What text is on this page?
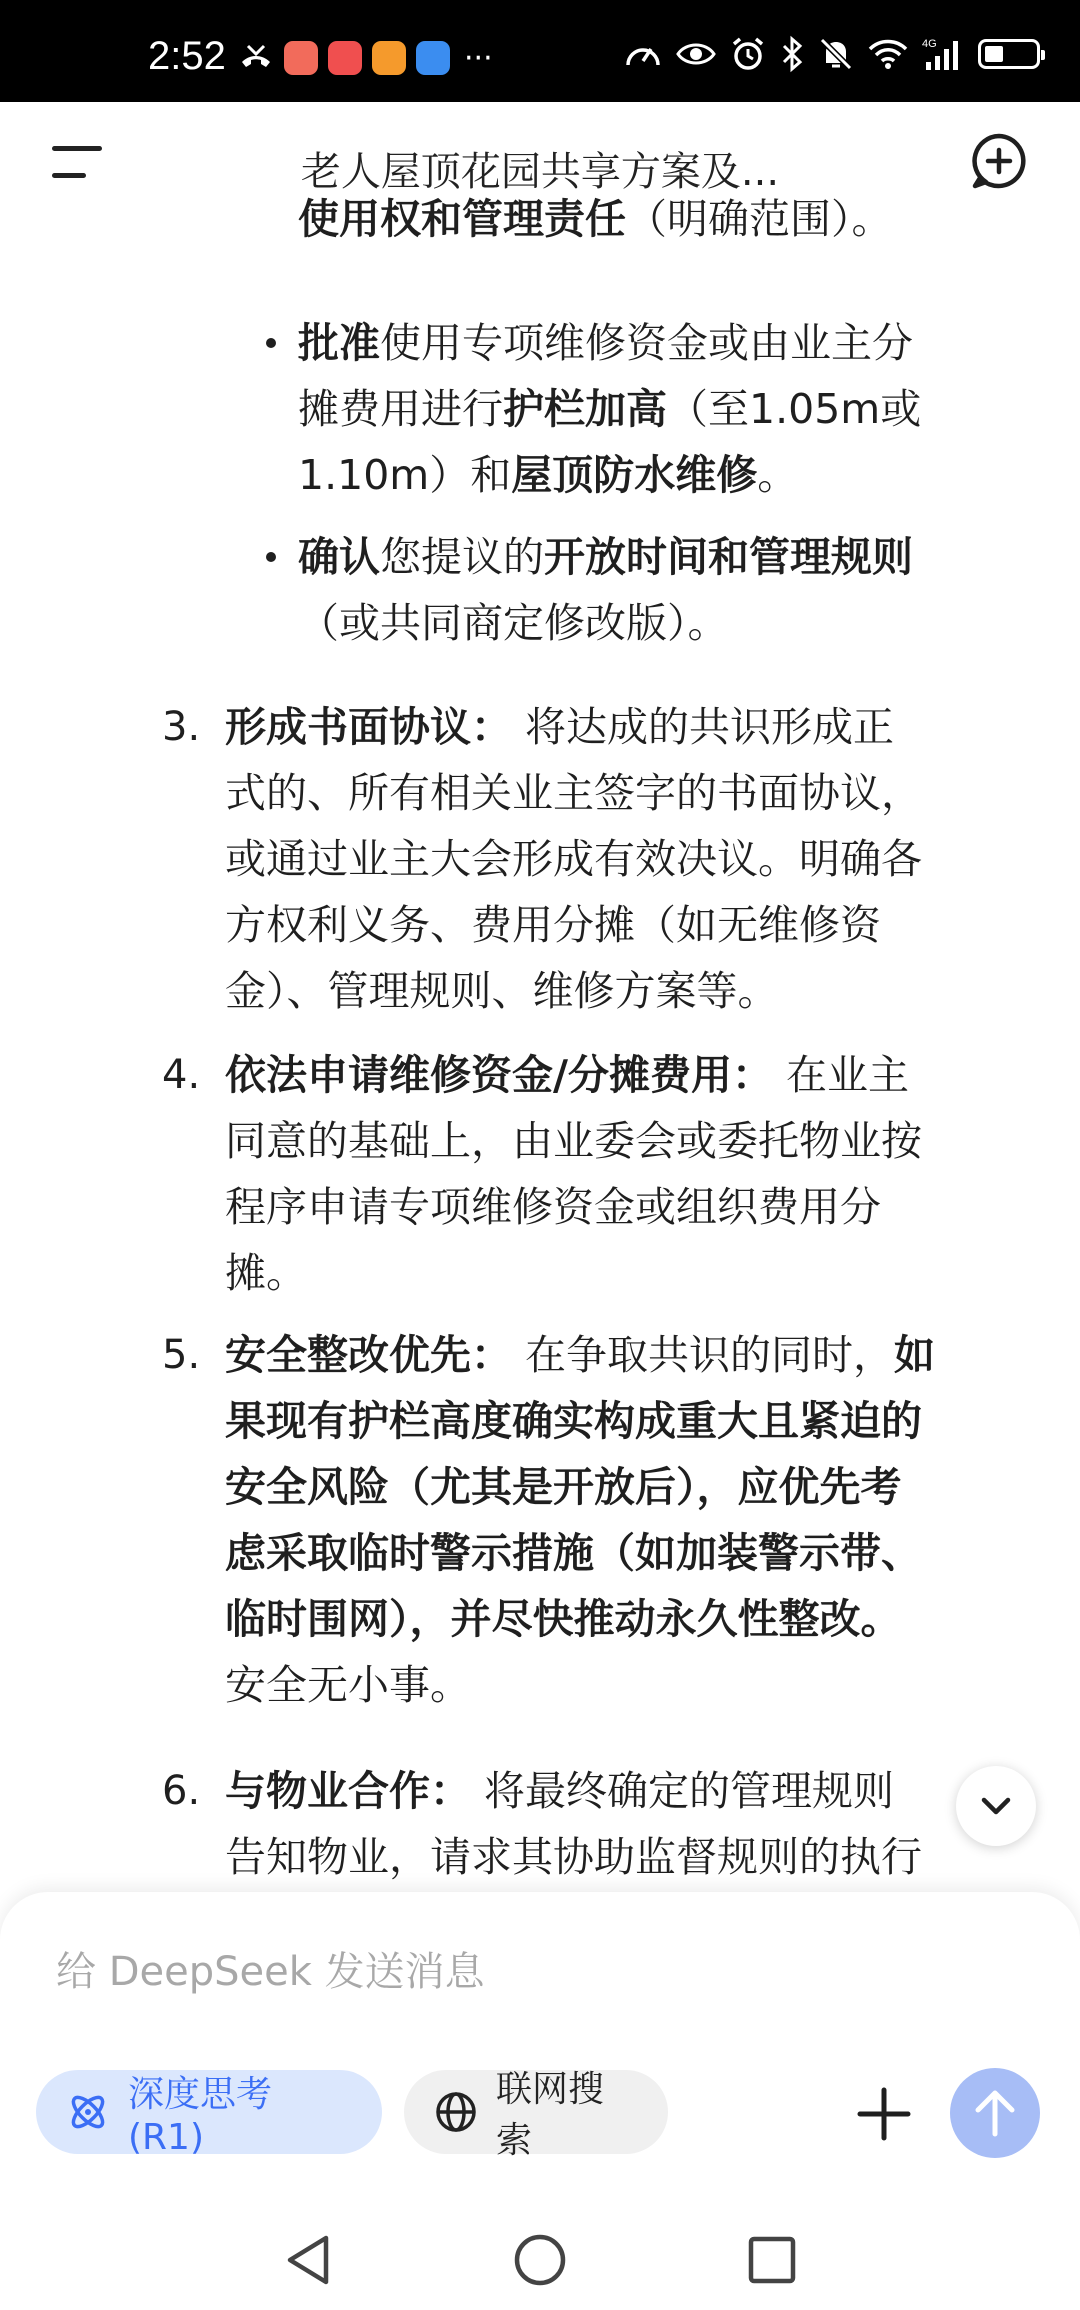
2:52	···	4G
老人屋顶花园共享方案及...
使用权和管理责任（明确范围）。
批准使用专项维修资金或由业主分
摊费用进行护栏加高（至1.05m或
1.10m）和屋顶防水维修。
确认您提议的开放时间和管理规则
（或共同商定修改版）。
3. 形成书面协议： 将达成的共识形成正
式的、所有相关业主签字的书面协议，
或通过业主大会形成有效决议。明确各
方权利义务、费用分摊（如无维修资
金）、管理规则、维修方案等。
4. 依法申请维修资金/分摊费用： 在业主
同意的基础上，由业委会或委托物业按
程序申请专项维修资金或组织费用分
摊。
5. 安全整改优先： 在争取共识的同时，如
果现有护栏高度确实构成重大且紧迫的
安全风险（尤其是开放后），应优先考
虑采取临时警示措施（如加装警示带、
临时围网），并尽快推动永久性整改。
安全无小事。
6. 与物业合作： 将最终确定的管理规则
告知物业，请求其协助监督规则的执行
给 DeepSeek 发送消息
深度思考 (R1)
联网搜索
